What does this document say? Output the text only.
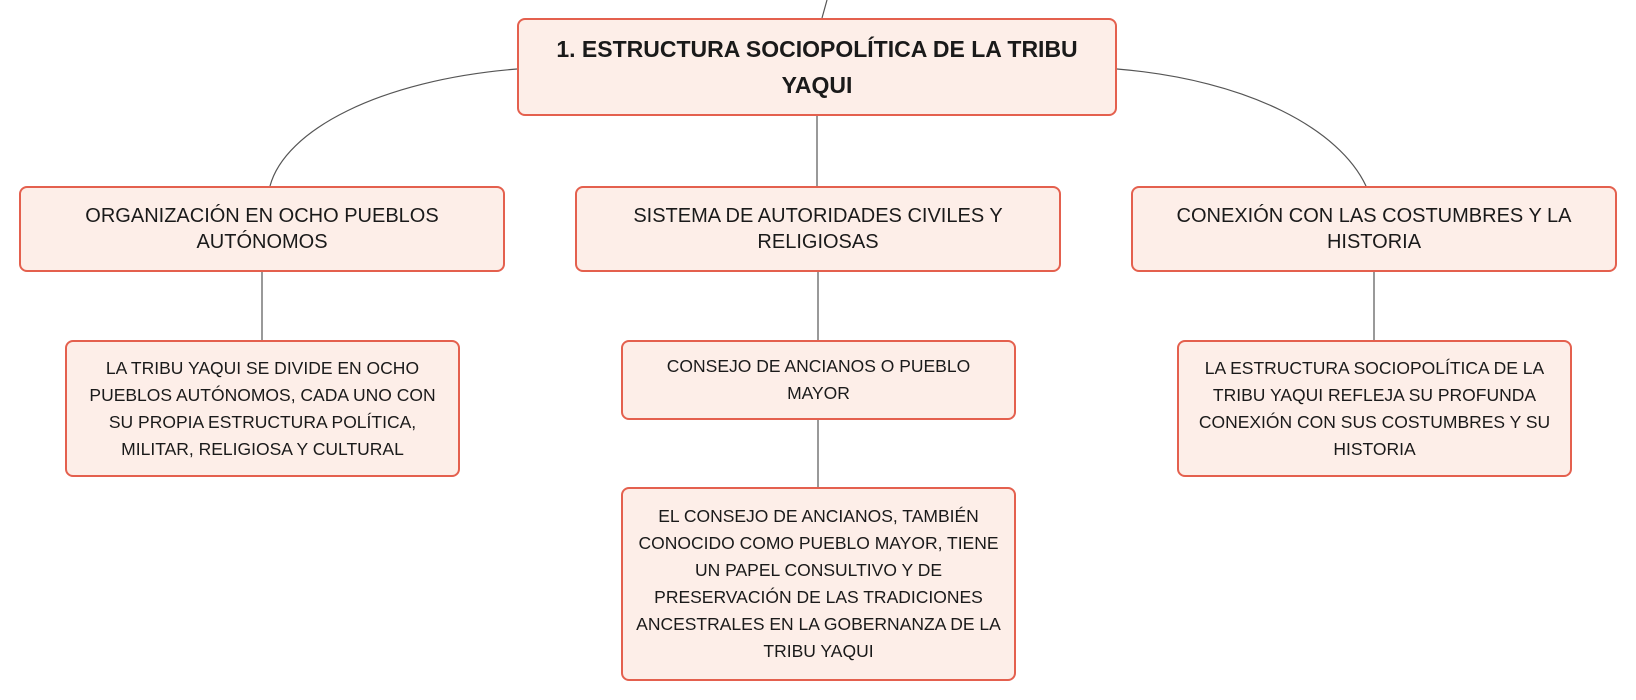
1. ESTRUCTURA SOCIOPOLÍTICA DE LA TRIBU YAQUI
ORGANIZACIÓN EN OCHO PUEBLOS AUTÓNOMOS
SISTEMA DE AUTORIDADES CIVILES Y RELIGIOSAS
CONEXIÓN CON LAS COSTUMBRES Y LA HISTORIA
LA TRIBU YAQUI SE DIVIDE EN OCHO PUEBLOS AUTÓNOMOS, CADA UNO CON SU PROPIA ESTRUCTURA POLÍTICA, MILITAR, RELIGIOSA Y CULTURAL
CONSEJO DE ANCIANOS O PUEBLO MAYOR
EL CONSEJO DE ANCIANOS, TAMBIÉN CONOCIDO COMO PUEBLO MAYOR, TIENE UN PAPEL CONSULTIVO Y DE PRESERVACIÓN DE LAS TRADICIONES ANCESTRALES EN LA GOBERNANZA DE LA TRIBU YAQUI
LA ESTRUCTURA SOCIOPOLÍTICA DE LA TRIBU YAQUI REFLEJA SU PROFUNDA CONEXIÓN CON SUS COSTUMBRES Y SU HISTORIA
